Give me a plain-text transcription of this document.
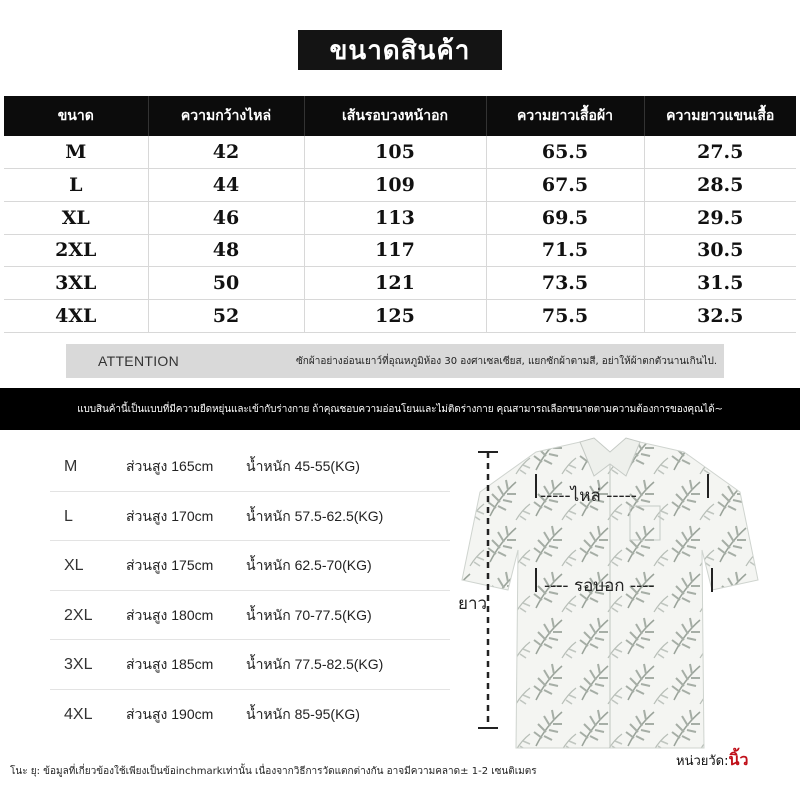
ขนาดสินค้า
ขนาด	ความกว้างไหล่	เส้นรอบวงหน้าอก	ความยาวเสื้อผ้า	ความยาวแขนเสื้อ
M	42	105	65.5	27.5
L	44	109	67.5	28.5
XL	46	113	69.5	29.5
2XL	48	117	71.5	30.5
3XL	50	121	73.5	31.5
4XL	52	125	75.5	32.5
ATTENTION	ซักผ้าอย่างอ่อนเยาว์ที่อุณหภูมิห้อง 30 องศาเซลเซียส, แยกซักผ้าตามสี, อย่าให้ผ้าตกตัวนานเกินไป.
แบบสินค้านี้เป็นแบบที่มีความยืดหยุ่นและเข้ากับร่างกาย ถ้าคุณชอบความอ่อนโยนและไม่ติดร่างกาย คุณสามารถเลือกขนาดตามความต้องการของคุณได้~
M	ส่วนสูง 165cm น้ำหนัก 45-55(KG)
L	ส่วนสูง 170cm น้ำหนัก 57.5-62.5(KG)
XL	ส่วนสูง 175cm น้ำหนัก 62.5-70(KG)
2XL ส่วนสูง 180cm น้ำหนัก 70-77.5(KG)
3XL ส่วนสูง 185cm น้ำหนัก 77.5-82.5(KG)
4XL ส่วนสูง 190cm น้ำหนัก 85-95(KG)
-----ไหล่ -----
---- รอบอก ----
ยาว
โนะ ยุ: ข้อมูลที่เกี่ยวข้องใช้เพียงเป็นข้อinchmarkเท่านั้น เนื่องจากวิธีการวัดแตกต่างกัน อาจมีความคลาด± 1-2 เซนติเมตร
หน่วยวัด:นิ้ว
